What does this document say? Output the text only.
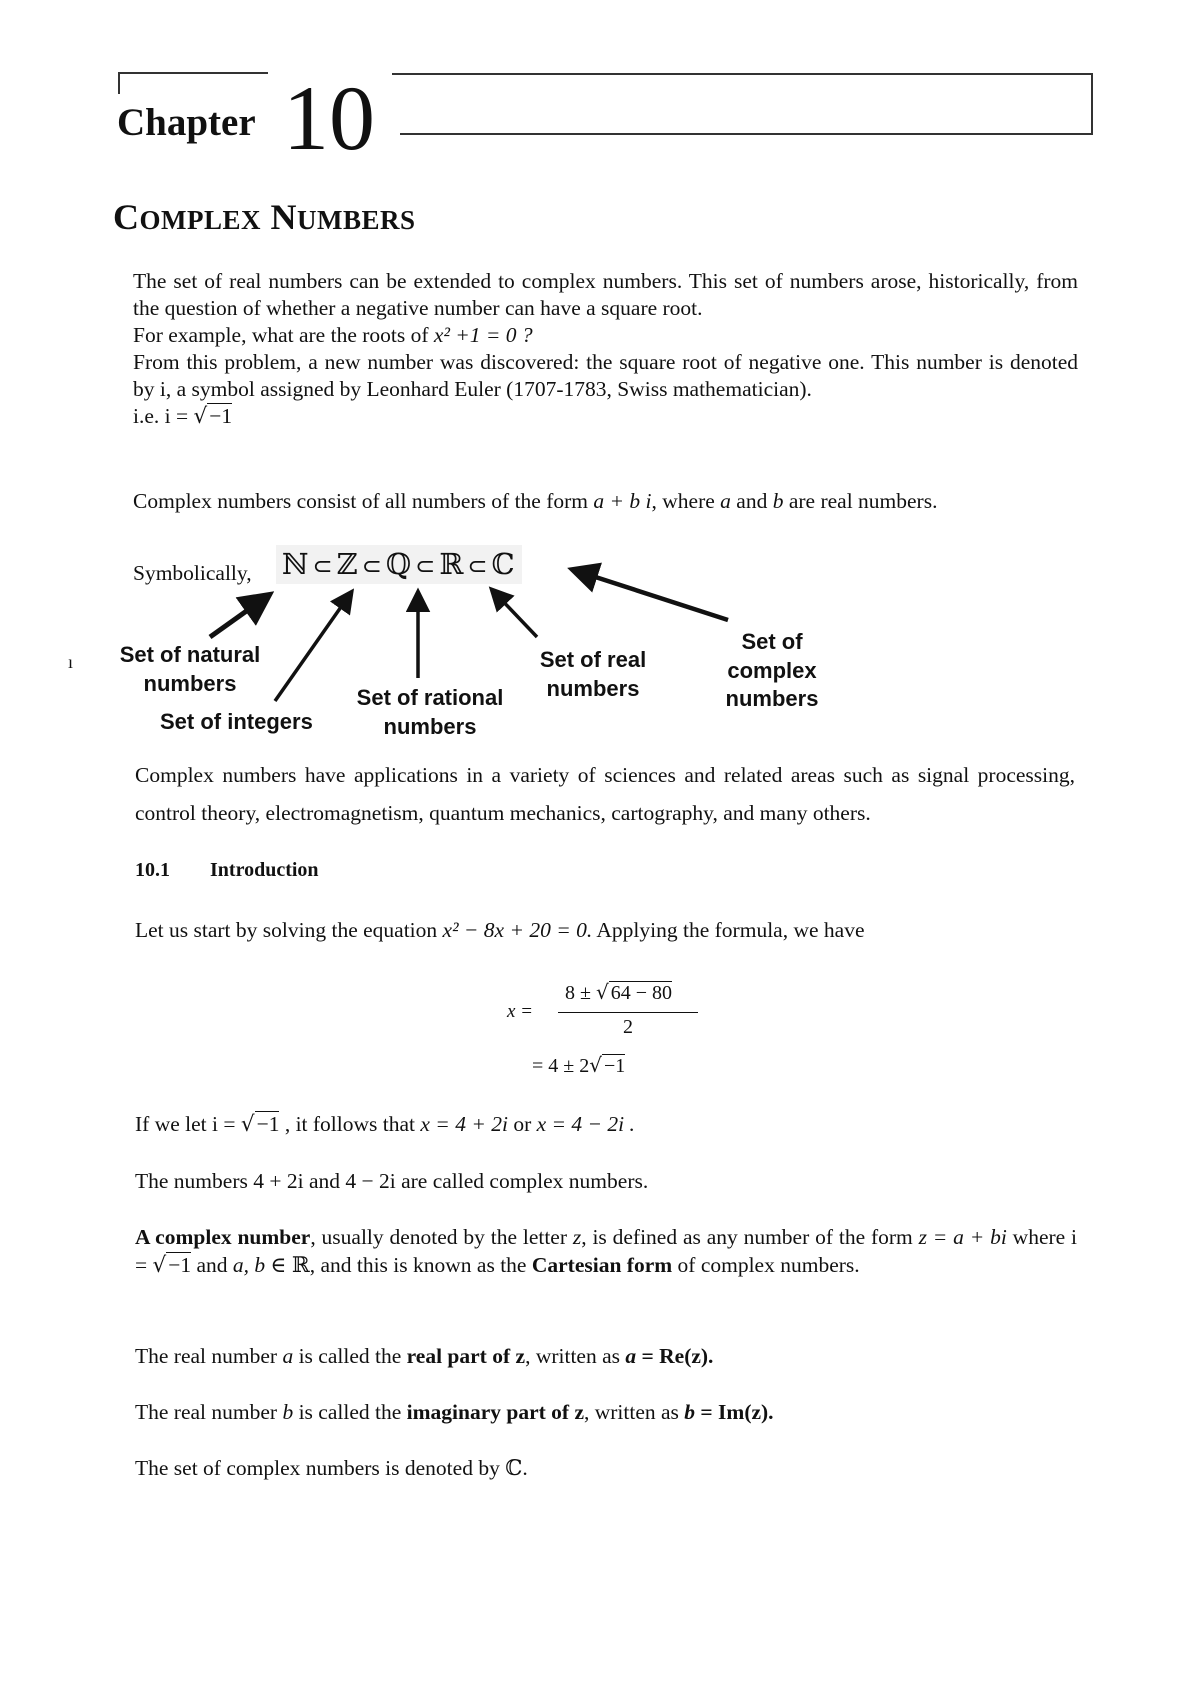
Chapter 10
COMPLEX NUMBERS
The set of real numbers can be extended to complex numbers. This set of numbers arose, historically, from the question of whether a negative number can have a square root.
For example, what are the roots of x² +1 = 0 ?
From this problem, a new number was discovered: the square root of negative one. This number is denoted by i, a symbol assigned by Leonhard Euler (1707-1783, Swiss mathematician).
i.e. i = √−1
Complex numbers consist of all numbers of the form a + b i, where a and b are real numbers.
Symbolically, ℕ ⊂ ℤ ⊂ ℚ ⊂ ℝ ⊂ ℂ
ı	Set of natural numbers
Set of integers
Set of rational numbers
Set of real numbers
Set of complex numbers
Complex numbers have applications in a variety of sciences and related areas such as signal processing, control theory, electromagnetism, quantum mechanics, cartography, and many others.
10.1 Introduction
Let us start by solving the equation x² − 8x + 20 = 0. Applying the formula, we have
x =
8 ± √ 64 − 80
2
= 4 ± 2√ −1
If we let i = √−1 , it follows that x = 4 + 2i or x = 4 − 2i .
The numbers 4 + 2i and 4 − 2i are called complex numbers.
A complex number, usually denoted by the letter z, is defined as any number of the form z = a + bi where i = √−1 and a, b ∈ ℝ, and this is known as the Cartesian form of complex numbers.
The real number a is called the real part of z, written as a = Re(z).
The real number b is called the imaginary part of z, written as b = Im(z).
The set of complex numbers is denoted by ℂ.
